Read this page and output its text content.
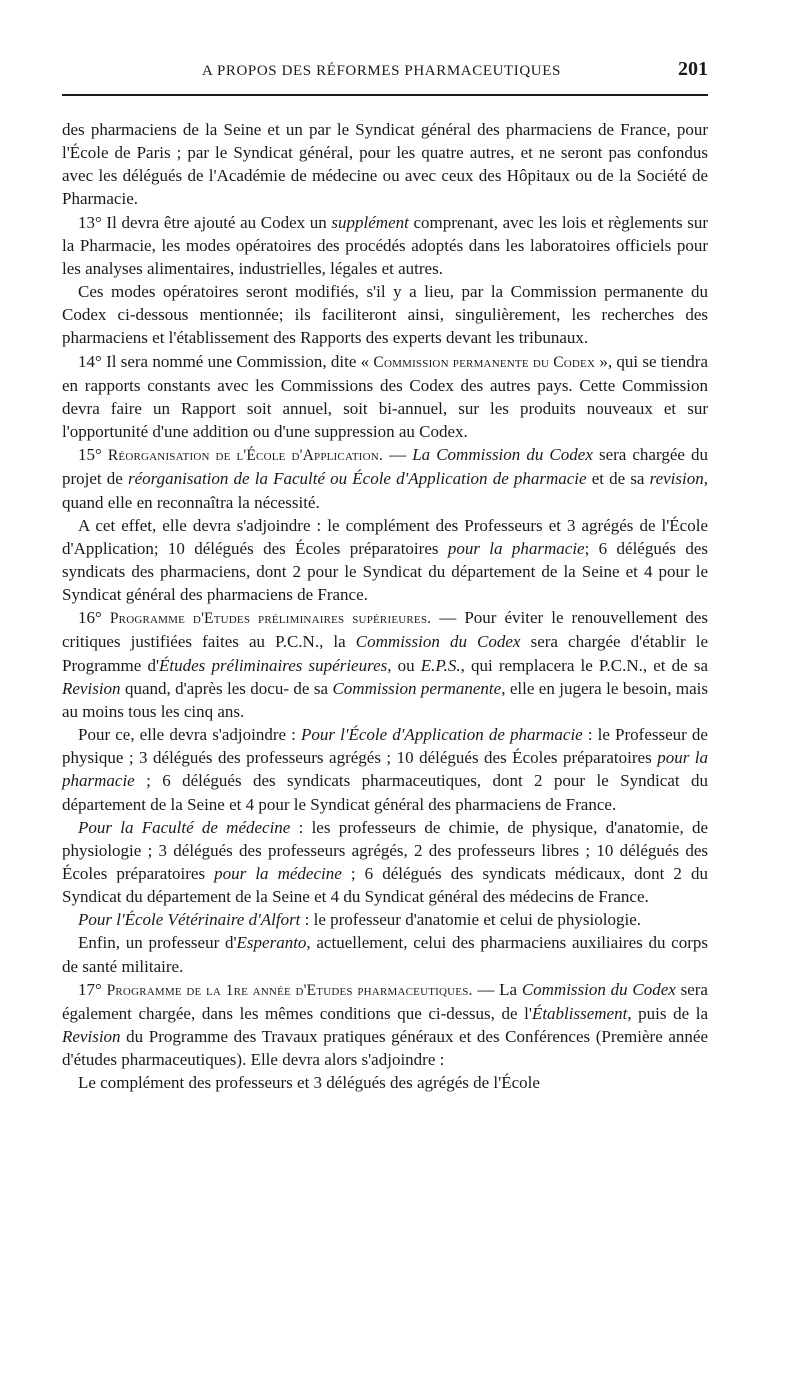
A PROPOS DES RÉFORMES PHARMACEUTIQUES	201

des pharmaciens de la Seine et un par le Syndicat général des pharmaciens de France, pour l'École de Paris ; par le Syndicat général, pour les quatre autres, et ne seront pas confondus avec les délégués de l'Académie de médecine ou avec ceux des Hôpitaux ou de la Société de Pharmacie.

13° Il devra être ajouté au Codex un supplément comprenant, avec les lois et règlements sur la Pharmacie, les modes opératoires des procédés adoptés dans les laboratoires officiels pour les analyses alimentaires, industrielles, légales et autres.

Ces modes opératoires seront modifiés, s'il y a lieu, par la Commission permanente du Codex ci-dessous mentionnée; ils faciliteront ainsi, singulièrement, les recherches des pharmaciens et l'établissement des Rapports des experts devant les tribunaux.

14° Il sera nommé une Commission, dite « Commission permanente du Codex », qui se tiendra en rapports constants avec les Commissions des Codex des autres pays. Cette Commission devra faire un Rapport soit annuel, soit bi-annuel, sur les produits nouveaux et sur l'opportunité d'une addition ou d'une suppression au Codex.

15° Réorganisation de l'École d'Application. — La Commission du Codex sera chargée du projet de réorganisation de la Faculté ou École d'Application de pharmacie et de sa revision, quand elle en reconnaîtra la nécessité.

A cet effet, elle devra s'adjoindre : le complément des Professeurs et 3 agrégés de l'École d'Application; 10 délégués des Écoles préparatoires pour la pharmacie; 6 délégués des syndicats des pharmaciens, dont 2 pour le Syndicat du département de la Seine et 4 pour le Syndicat général des pharmaciens de France.

16° Programme d'Etudes préliminaires supérieures. — Pour éviter le renouvellement des critiques justifiées faites au P.C.N., la Commission du Codex sera chargée d'établir le Programme d'Études préliminaires supérieures, ou E.P.S., qui remplacera le P.C.N., et de sa Revision quand, d'après les docu- de sa Commission permanente, elle en jugera le besoin, mais au moins tous les cinq ans.

Pour ce, elle devra s'adjoindre : Pour l'École d'Application de pharmacie : le Professeur de physique ; 3 délégués des professeurs agrégés ; 10 délégués des Écoles préparatoires pour la pharmacie ; 6 délégués des syndicats pharmaceutiques, dont 2 pour le Syndicat du département de la Seine et 4 pour le Syndicat général des pharmaciens de France.

Pour la Faculté de médecine : les professeurs de chimie, de physique, d'anatomie, de physiologie ; 3 délégués des professeurs agrégés, 2 des professeurs libres ; 10 délégués des Écoles préparatoires pour la médecine ; 6 délégués des syndicats médicaux, dont 2 du Syndicat du département de la Seine et 4 du Syndicat général des médecins de France.

Pour l'École Vétérinaire d'Alfort : le professeur d'anatomie et celui de physiologie.

Enfin, un professeur d'Esperanto, actuellement, celui des pharmaciens auxiliaires du corps de santé militaire.

17° Programme de la 1re année d'Etudes pharmaceutiques. — La Commission du Codex sera également chargée, dans les mêmes conditions que ci-dessus, de l'Établissement, puis de la Revision du Programme des Travaux pratiques généraux et des Conférences (Première année d'études pharmaceutiques). Elle devra alors s'adjoindre :

Le complément des professeurs et 3 délégués des agrégés de l'École
